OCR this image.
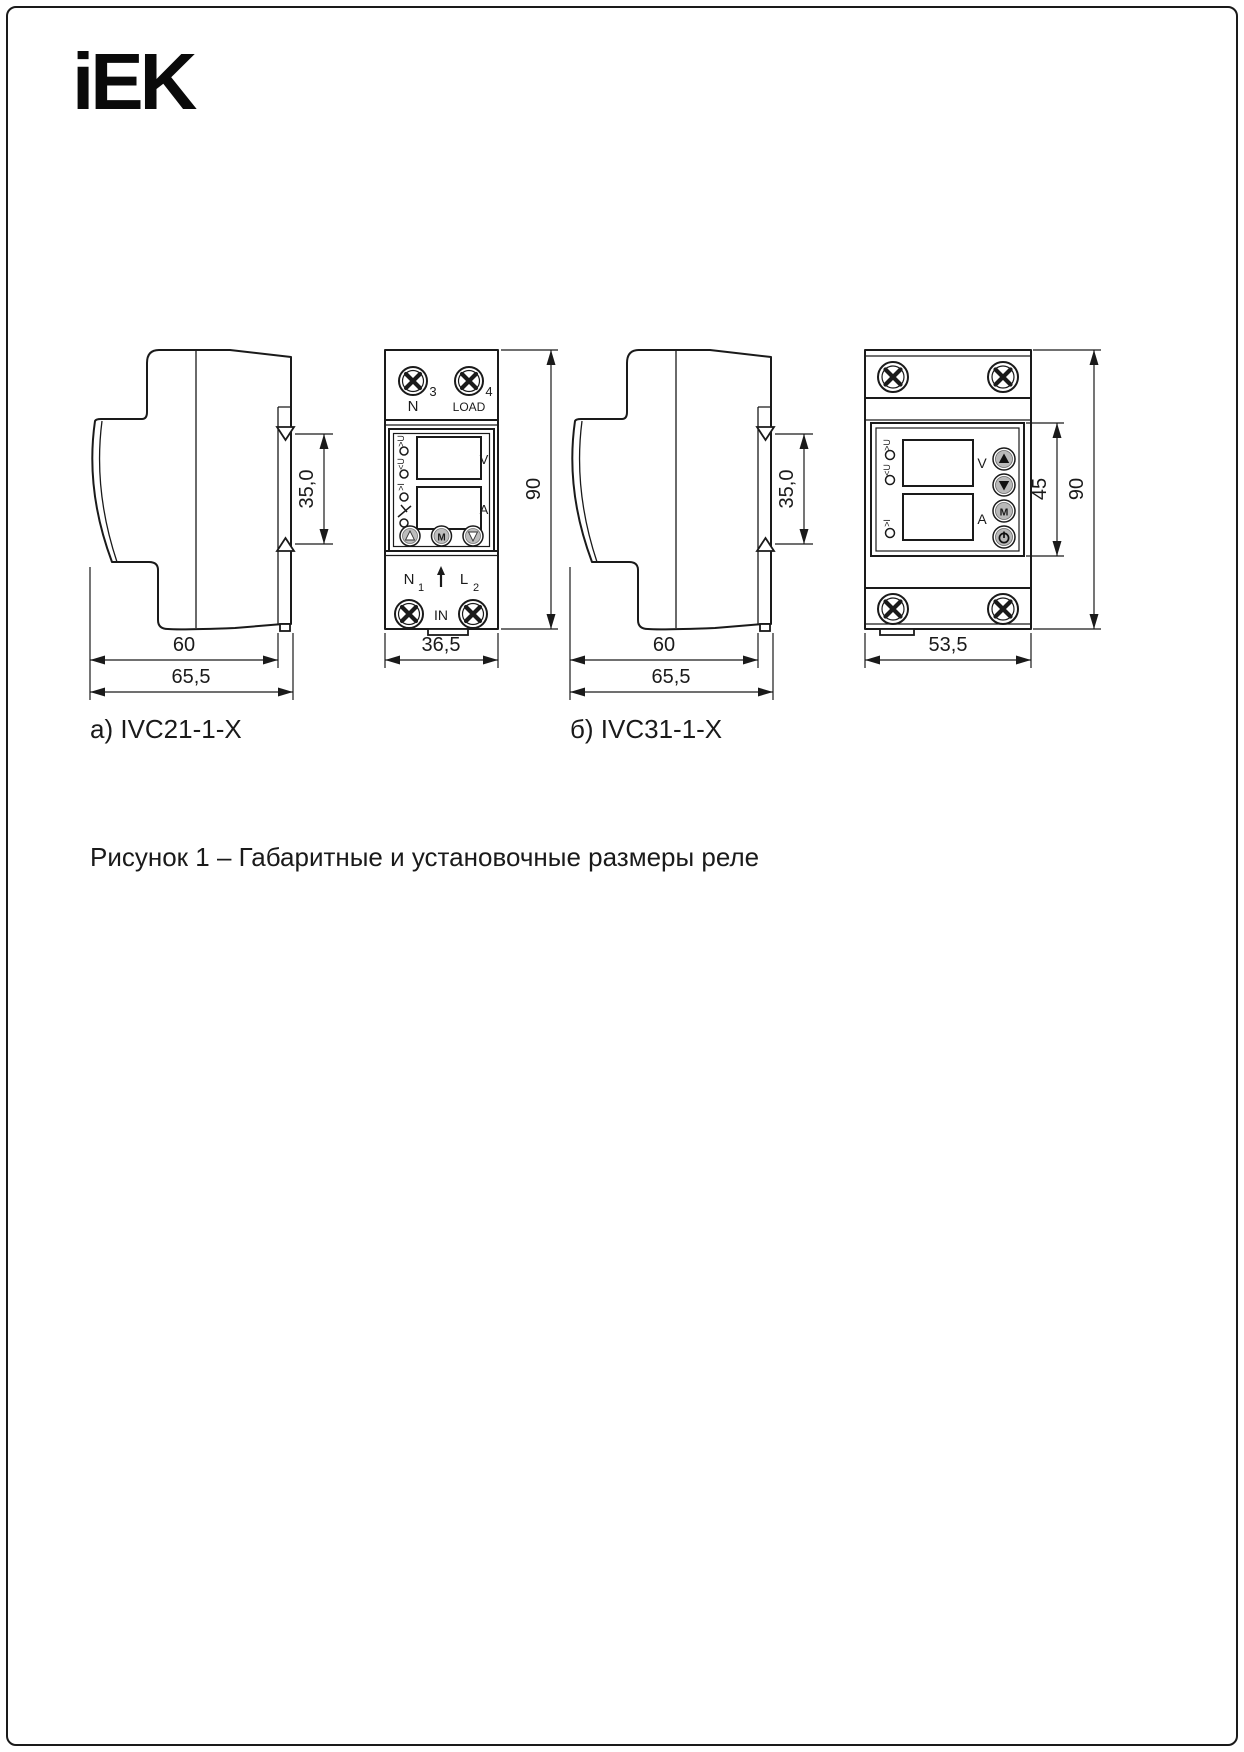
iEK
35,0
3
N
4
LOAD
>U
<U
>I
V
A
M
N 1 L 2
IN
90
60
65,5
36,5
35,0
>U
<U
>I
V
A M
45 90
60
65,5
53,5
а) IVC21-1-X	б) IVC31-1-X
Рисунок 1 – Габаритные и установочные размеры реле
